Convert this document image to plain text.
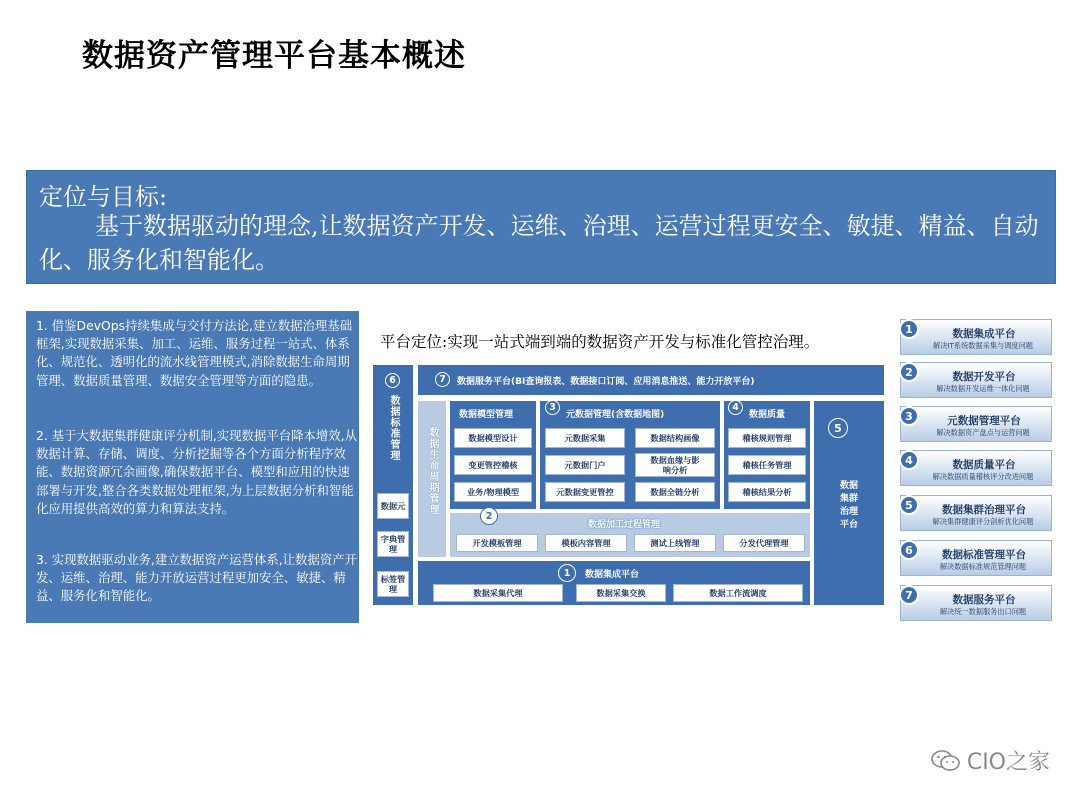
数据资产管理平台基本概述
定位与目标:
基于数据驱动的理念,让数据资产开发、运维、治理、运营过程更安全、敏捷、精益、自动化、服务化和智能化。

1. 借鉴DevOps持续集成与交付方法论,建立数据治理基础框架,实现数据采集、加工、运维、服务过程一站式、体系化、规范化、透明化的流水线管理模式,消除数据生命周期管理、数据质量管理、数据安全管理等方面的隐患。

2. 基于大数据集群健康评分机制,实现数据平台降本增效,从数据计算、存储、调度、分析挖掘等各个方面分析程序效能、数据资源冗余画像,确保数据平台、模型和应用的快速部署与开发,整合各类数据处理框架,为上层数据分析和智能化应用提供高效的算力和算法支持。

3. 实现数据驱动业务,建立数据资产运营体系,让数据资产开发、运维、治理、能力开放运营过程更加安全、敏捷、精益、服务化和智能化。

平台定位:实现一站式端到端的数据资产开发与标准化管控治理。
6
数据标准管理
数据元
字典管理
标签管理
7	数据服务平台(BI查询报表、数据接口订阅、应用消息推送、能力开放平台)
数据生命周期管理
数据模型管理
数据模型设计
变更管控稽核
业务/物理模型
3
元数据管理(含数据地图)
元数据采集	数据结构画像
元数据门户	数据血缘与影响分析
元数据变更管控	数据全链分析
4
数据质量
稽核规则管理
稽核任务管理
稽核结果分析
5
数据集群治理平台
2
数据加工过程管理
开发模板管理	模板内容管理	测试上线管理	分发代理管理
1	数据集成平台
数据采集代理	数据采集交换	数据工作流调度
1	数据集成平台
解决IT系统数据采集与调度问题
2	数据开发平台
解决数据开发运维一体化问题
3	元数据管理平台
解决数据资产盘点与运营问题
4	数据质量平台
解决数据质量稽核评分改进问题
5	数据集群治理平台
解决集群健康评分剖析优化问题
6	数据标准管理平台
解决数据标准规范管理问题
7	数据服务平台
解决统一数据服务出口问题
CIO之家
